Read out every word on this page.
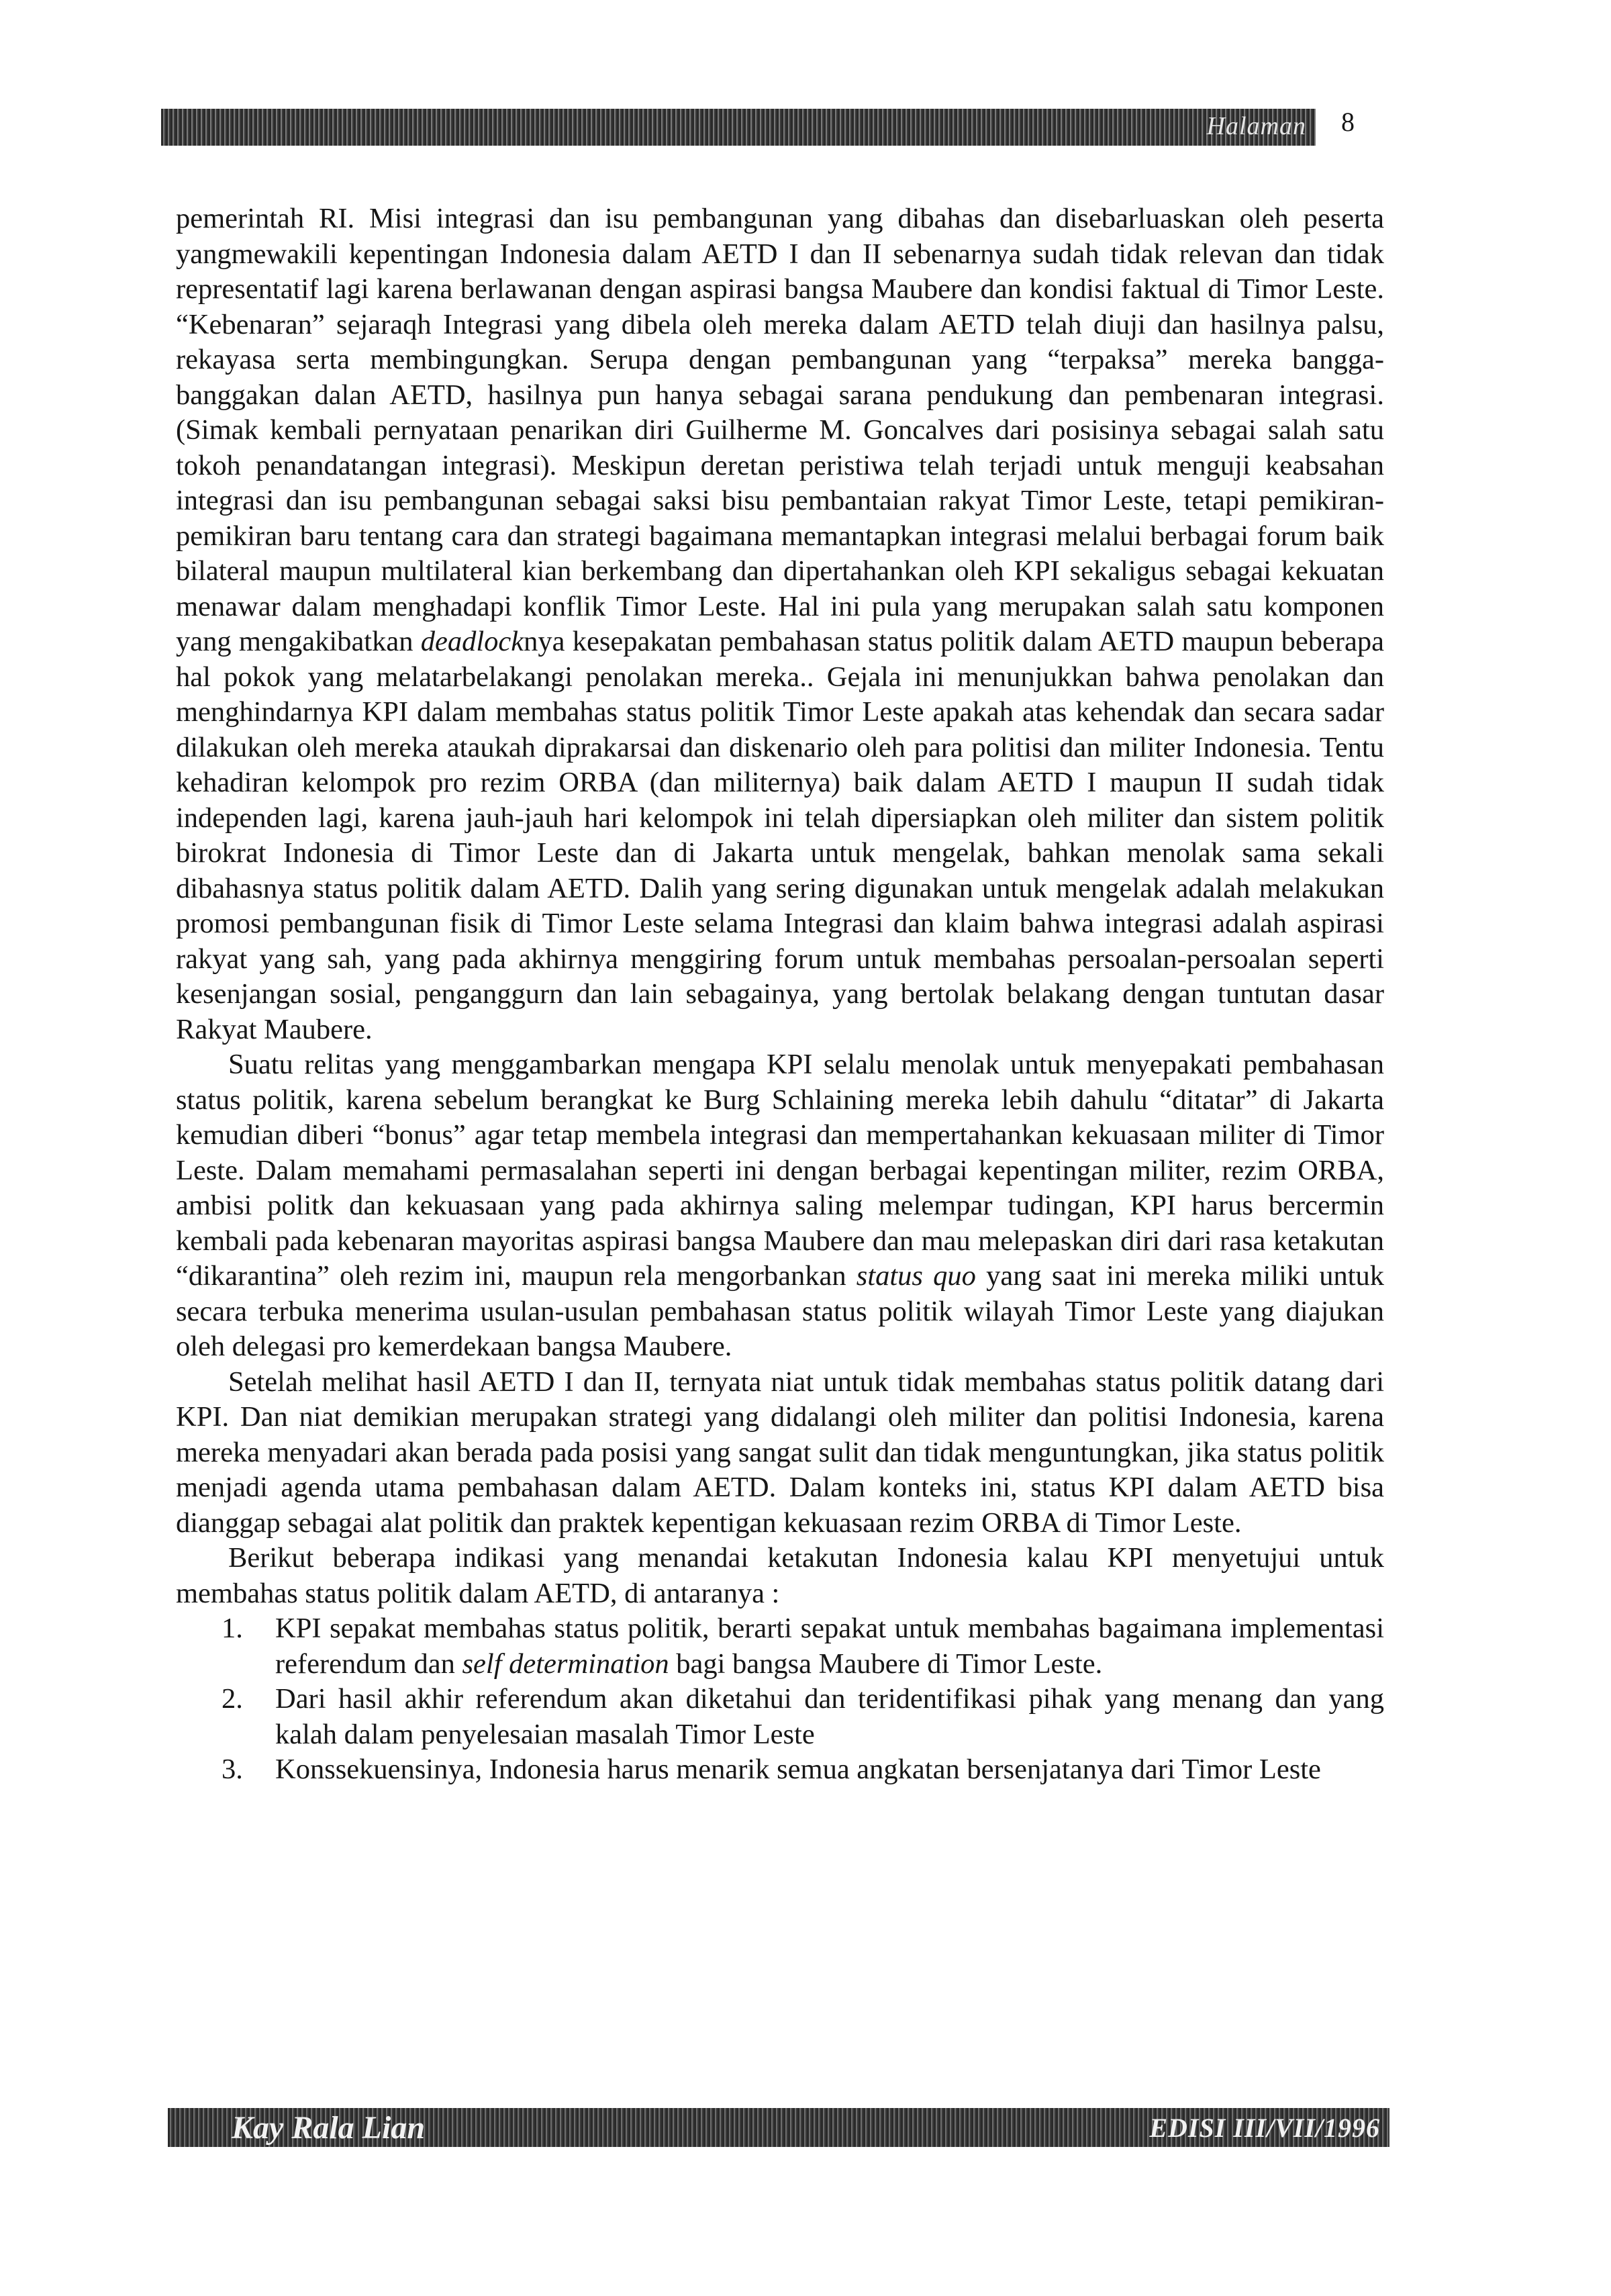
Halaman 8

pemerintah RI. Misi integrasi dan isu pembangunan yang dibahas dan disebarluaskan oleh peserta yangmewakili kepentingan Indonesia dalam AETD I dan II sebenarnya sudah tidak relevan dan tidak representatif lagi karena berlawanan dengan aspirasi bangsa Maubere dan kondisi faktual di Timor Leste. “Kebenaran” sejaraqh Integrasi yang dibela oleh mereka dalam AETD telah diuji dan hasilnya palsu, rekayasa serta membingungkan. Serupa dengan pembangunan yang “terpaksa” mereka bangga-banggakan dalan AETD, hasilnya pun hanya sebagai sarana pendukung dan pembenaran integrasi. (Simak kembali pernyataan penarikan diri Guilherme M. Goncalves dari posisinya sebagai salah satu tokoh penandatangan integrasi). Meskipun deretan peristiwa telah terjadi untuk menguji keabsahan integrasi dan isu pembangunan sebagai saksi bisu pembantaian rakyat Timor Leste, tetapi pemikiran-pemikiran baru tentang cara dan strategi bagaimana memantapkan integrasi melalui berbagai forum baik bilateral maupun multilateral kian berkembang dan dipertahankan oleh KPI sekaligus sebagai kekuatan menawar dalam menghadapi konflik Timor Leste. Hal ini pula yang merupakan salah satu komponen yang mengakibatkan deadlocknya kesepakatan pembahasan status politik dalam AETD maupun beberapa hal pokok yang melatarbelakangi penolakan mereka.. Gejala ini menunjukkan bahwa penolakan dan menghindarnya KPI dalam membahas status politik Timor Leste apakah atas kehendak dan secara sadar dilakukan oleh mereka ataukah diprakarsai dan diskenario oleh para politisi dan militer Indonesia. Tentu kehadiran kelompok pro rezim ORBA (dan militernya) baik dalam AETD I maupun II sudah tidak independen lagi, karena jauh-jauh hari kelompok ini telah dipersiapkan oleh militer dan sistem politik birokrat Indonesia di Timor Leste dan di Jakarta untuk mengelak, bahkan menolak sama sekali dibahasnya status politik dalam AETD. Dalih yang sering digunakan untuk mengelak adalah melakukan promosi pembangunan fisik di Timor Leste selama Integrasi dan klaim bahwa integrasi adalah aspirasi rakyat yang sah, yang pada akhirnya menggiring forum untuk membahas persoalan-persoalan seperti kesenjangan sosial, penganggurn dan lain sebagainya, yang bertolak belakang dengan tuntutan dasar Rakyat Maubere.

Suatu relitas yang menggambarkan mengapa KPI selalu menolak untuk menyepakati pembahasan status politik, karena sebelum berangkat ke Burg Schlaining mereka lebih dahulu “ditatar” di Jakarta kemudian diberi “bonus” agar tetap membela integrasi dan mempertahankan kekuasaan militer di Timor Leste. Dalam memahami permasalahan seperti ini dengan berbagai kepentingan militer, rezim ORBA, ambisi politk dan kekuasaan yang pada akhirnya saling melempar tudingan, KPI harus bercermin kembali pada kebenaran mayoritas aspirasi bangsa Maubere dan mau melepaskan diri dari rasa ketakutan “dikarantina” oleh rezim ini, maupun rela mengorbankan status quo yang saat ini mereka miliki untuk secara terbuka menerima usulan-usulan pembahasan status politik wilayah Timor Leste yang diajukan oleh delegasi pro kemerdekaan bangsa Maubere.

Setelah melihat hasil AETD I dan II, ternyata niat untuk tidak membahas status politik datang dari KPI. Dan niat demikian merupakan strategi yang didalangi oleh militer dan politisi Indonesia, karena mereka menyadari akan berada pada posisi yang sangat sulit dan tidak menguntungkan, jika status politik menjadi agenda utama pembahasan dalam AETD. Dalam konteks ini, status KPI dalam AETD bisa dianggap sebagai alat politik dan praktek kepentigan kekuasaan rezim ORBA di Timor Leste.

Berikut beberapa indikasi yang menandai ketakutan Indonesia kalau KPI menyetujui untuk membahas status politik dalam AETD, di antaranya :

1. KPI sepakat membahas status politik, berarti sepakat untuk membahas bagaimana implementasi referendum dan self determination bagi bangsa Maubere di Timor Leste.
2. Dari hasil akhir referendum akan diketahui dan teridentifikasi pihak yang menang dan yang kalah dalam penyelesaian masalah Timor Leste
3. Konssekuensinya, Indonesia harus menarik semua angkatan bersenjatanya dari Timor Leste
Kay Rala Lian	EDISI III/VII/1996
